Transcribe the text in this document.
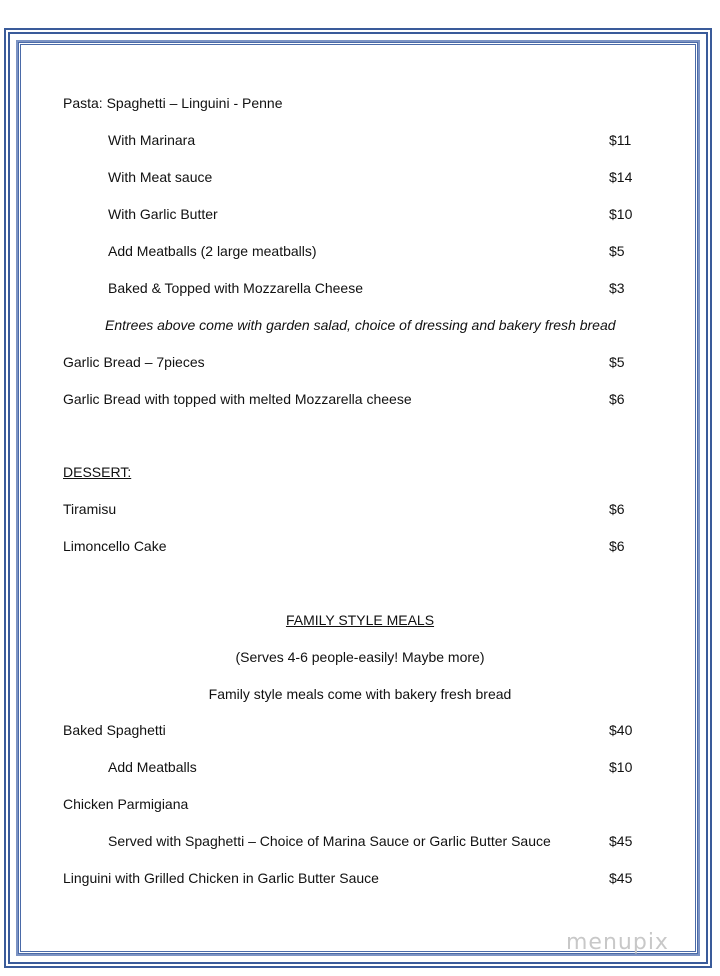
Pasta: Spaghetti – Linguini - Penne
With Marinara	$11
With Meat sauce	$14
With Garlic Butter	$10
Add Meatballs (2 large meatballs)	$5
Baked & Topped with Mozzarella Cheese	$3
Entrees above come with garden salad, choice of dressing and bakery fresh bread
Garlic Bread – 7pieces	$5
Garlic Bread with topped with melted Mozzarella cheese	$6
DESSERT:
Tiramisu	$6
Limoncello Cake	$6
FAMILY STYLE MEALS
(Serves 4-6 people-easily! Maybe more)
Family style meals come with bakery fresh bread
Baked Spaghetti	$40
Add Meatballs	$10
Chicken Parmigiana
Served with Spaghetti – Choice of Marina Sauce or Garlic Butter Sauce	$45
Linguini with Grilled Chicken in Garlic Butter Sauce	$45
menupix
